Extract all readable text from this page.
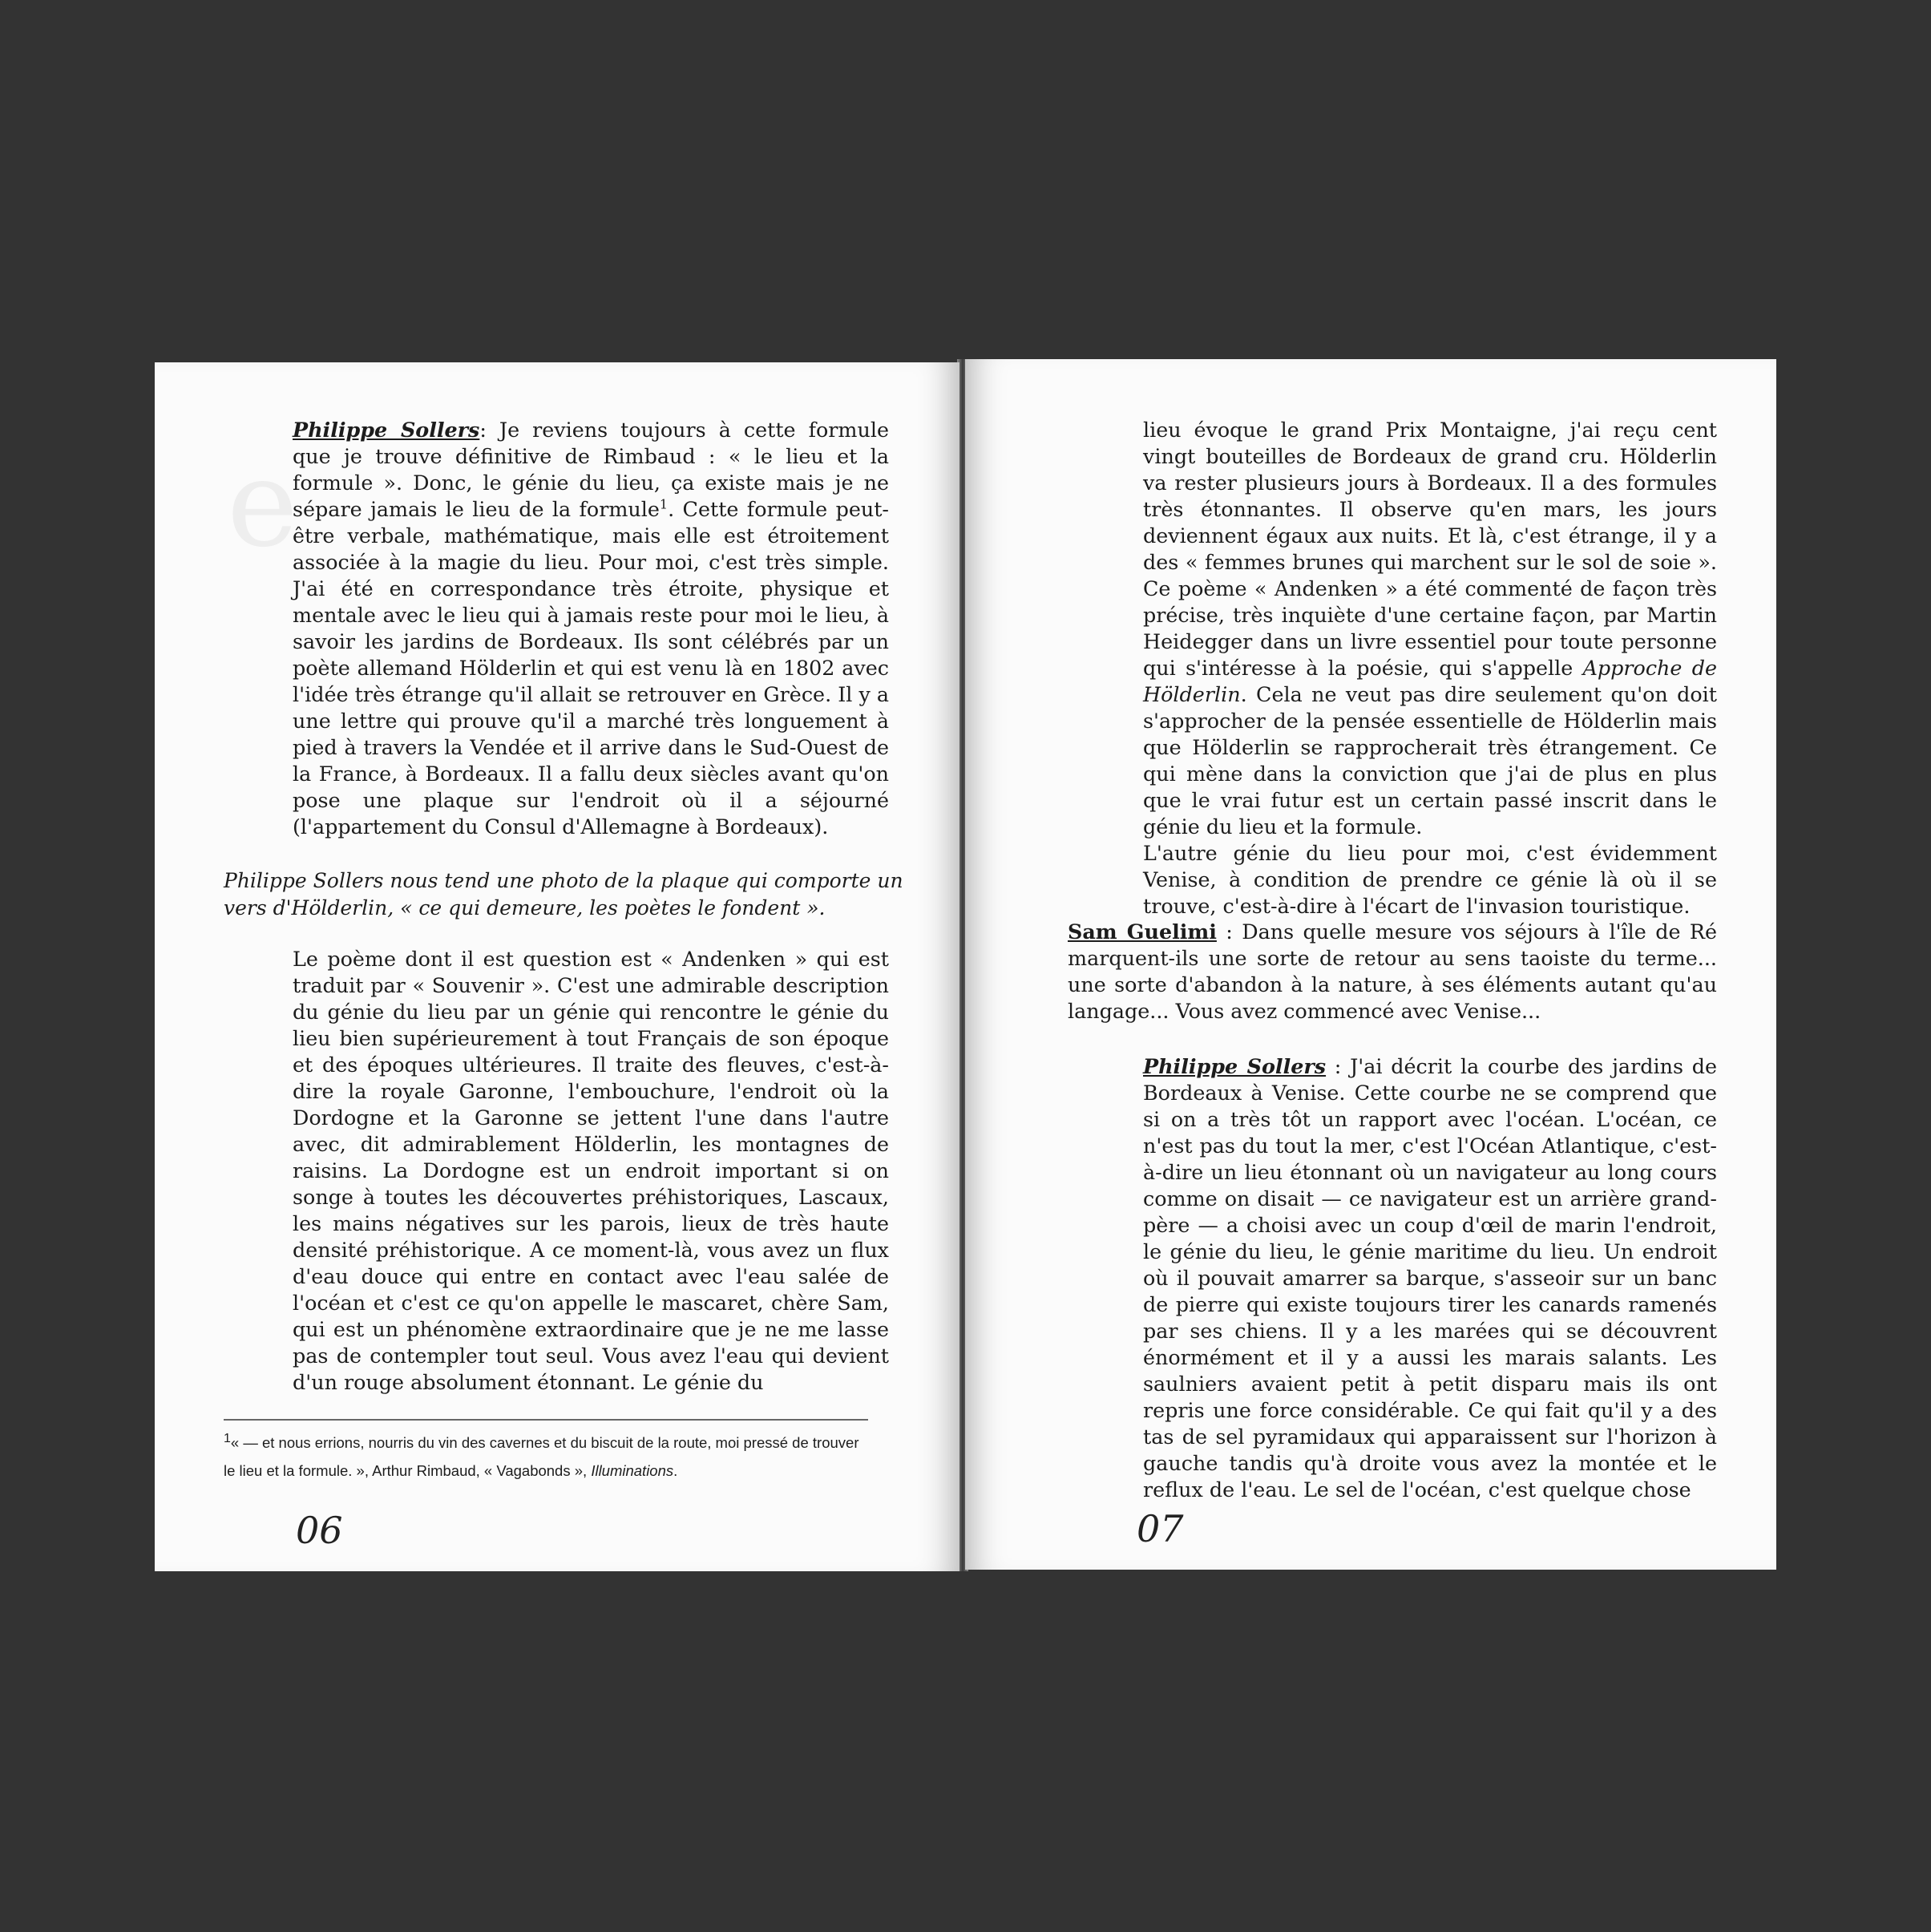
e

Philippe Sollers: Je reviens toujours à cette formule que je trouve définitive de Rimbaud : « le lieu et la formule ». Donc, le génie du lieu, ça existe mais je ne sépare jamais le lieu de la formule$^1$. Cette formule peut-être verbale, mathématique, mais elle est étroitement associée à la magie du lieu. Pour moi, c'est très simple. J'ai été en correspondance très étroite, physique et mentale avec le lieu qui à jamais reste pour moi le lieu, à savoir les jardins de Bordeaux. Ils sont célébrés par un poète allemand Hölderlin et qui est venu là en 1802 avec l'idée très étrange qu'il allait se retrouver en Grèce. Il y a une lettre qui prouve qu'il a marché très longuement à pied à travers la Vendée et il arrive dans le Sud-Ouest de la France, à Bordeaux. Il a fallu deux siècles avant qu'on pose une plaque sur l'endroit où il a séjourné (l'appartement du Consul d'Allemagne à Bordeaux).

Philippe Sollers nous tend une photo de la plaque qui comporte un vers d'Hölderlin, « ce qui demeure, les poètes le fondent ».

Le poème dont il est question est « Andenken » qui est traduit par « Souvenir ». C'est une admirable description du génie du lieu par un génie qui rencontre le génie du lieu bien supérieurement à tout Français de son époque et des époques ultérieures. Il traite des fleuves, c'est-à-dire la royale Garonne, l'embouchure, l'endroit où la Dordogne et la Garonne se jettent l'une dans l'autre avec, dit admirablement Hölderlin, les montagnes de raisins. La Dordogne est un endroit important si on songe à toutes les découvertes préhistoriques, Lascaux, les mains négatives sur les parois, lieux de très haute densité préhistorique. A ce moment-là, vous avez un flux d'eau douce qui entre en contact avec l'eau salée de l'océan et c'est ce qu'on appelle le mascaret, chère Sam, qui est un phénomène extraordinaire que je ne me lasse pas de contempler tout seul. Vous avez l'eau qui devient d'un rouge absolument étonnant. Le génie du

1« — et nous errions, nourris du vin des cavernes et du biscuit de la route, moi pressé de trouver le lieu et la formule. », Arthur Rimbaud, « Vagabonds », Illuminations.
06

lieu évoque le grand Prix Montaigne, j'ai reçu cent vingt bouteilles de Bordeaux de grand cru. Hölderlin va rester plusieurs jours à Bordeaux. Il a des formules très étonnantes. Il observe qu'en mars, les jours deviennent égaux aux nuits. Et là, c'est étrange, il y a des « femmes brunes qui marchent sur le sol de soie ». Ce poème « Andenken » a été commenté de façon très précise, très inquiète d'une certaine façon, par Martin Heidegger dans un livre essentiel pour toute personne qui s'intéresse à la poésie, qui s'appelle Approche de Hölderlin. Cela ne veut pas dire seulement qu'on doit s'approcher de la pensée essentielle de Hölderlin mais que Hölderlin se rapprocherait très étrangement. Ce qui mène dans la conviction que j'ai de plus en plus que le vrai futur est un certain passé inscrit dans le génie du lieu et la formule.

L'autre génie du lieu pour moi, c'est évidemment Venise, à condition de prendre ce génie là où il se trouve, c'est-à-dire à l'écart de l'invasion touristique.

Sam Guelimi : Dans quelle mesure vos séjours à l'île de Ré marquent-ils une sorte de retour au sens taoiste du terme... une sorte d'abandon à la nature, à ses éléments autant qu'au langage... Vous avez commencé avec Venise...

Philippe Sollers : J'ai décrit la courbe des jardins de Bordeaux à Venise. Cette courbe ne se comprend que si on a très tôt un rapport avec l'océan. L'océan, ce n'est pas du tout la mer, c'est l'Océan Atlantique, c'est-à-dire un lieu étonnant où un navigateur au long cours comme on disait — ce navigateur est un arrière grand-père — a choisi avec un coup d'œil de marin l'endroit, le génie du lieu, le génie maritime du lieu. Un endroit où il pouvait amarrer sa barque, s'asseoir sur un banc de pierre qui existe toujours tirer les canards ramenés par ses chiens. Il y a les marées qui se découvrent énormément et il y a aussi les marais salants. Les saulniers avaient petit à petit disparu mais ils ont repris une force considérable. Ce qui fait qu'il y a des tas de sel pyramidaux qui apparaissent sur l'horizon à gauche tandis qu'à droite vous avez la montée et le reflux de l'eau. Le sel de l'océan, c'est quelque chose

07
